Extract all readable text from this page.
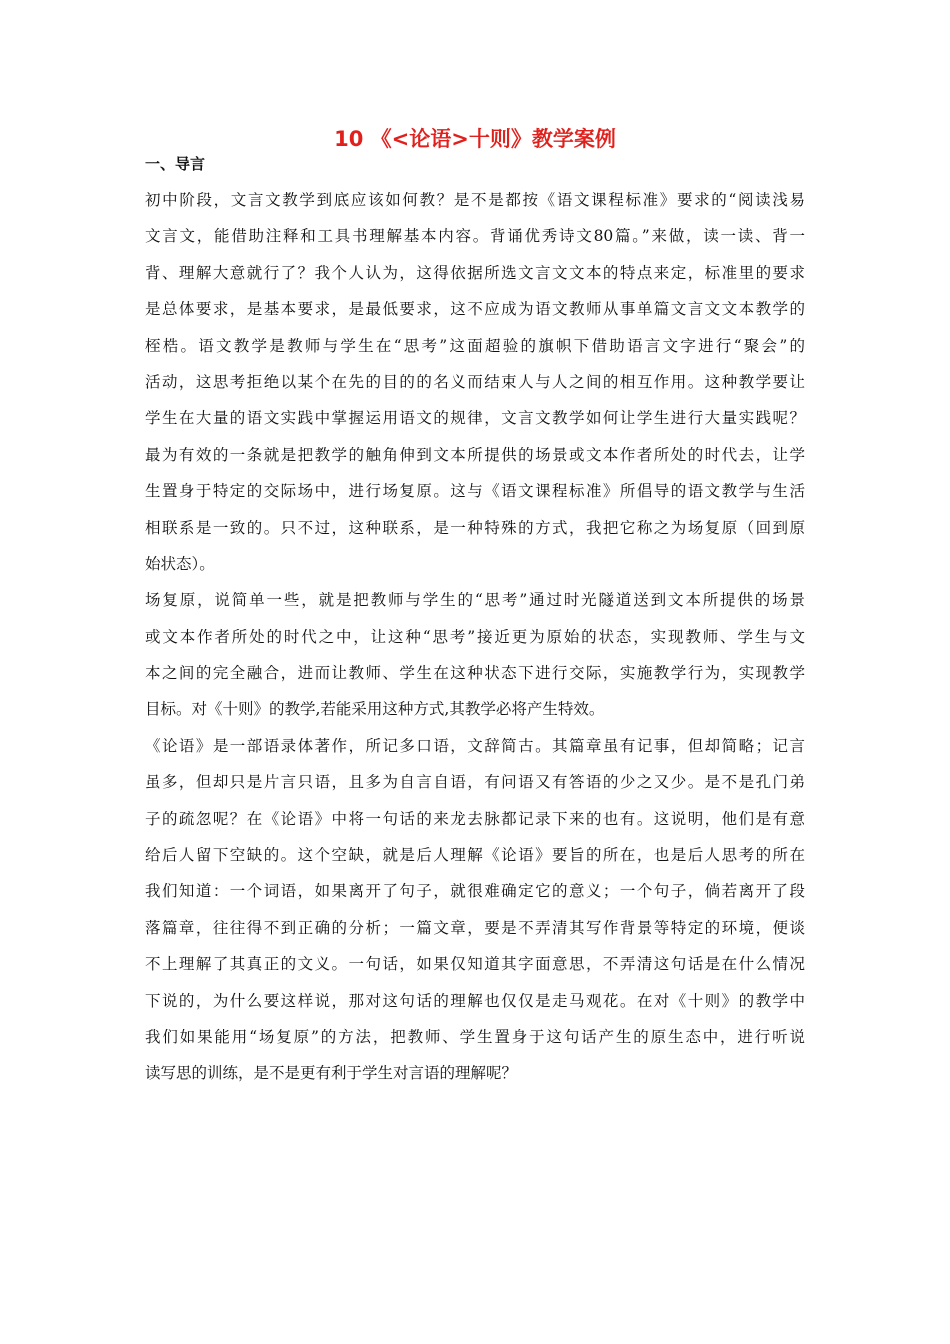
10 《<论语>十则》教学案例
一、导言
初中阶段，文言文教学到底应该如何教？是不是都按《语文课程标准》要求的“阅读浅易
文言文，能借助注释和工具书理解基本内容。背诵优秀诗文80篇。”来做，读一读、背一
背、理解大意就行了？我个人认为，这得依据所选文言文文本的特点来定，标准里的要求
是总体要求，是基本要求，是最低要求，这不应成为语文教师从事单篇文言文文本教学的
桎梏。语文教学是教师与学生在“思考”这面超验的旗帜下借助语言文字进行“聚会”的
活动，这思考拒绝以某个在先的目的的名义而结束人与人之间的相互作用。这种教学要让
学生在大量的语文实践中掌握运用语文的规律，文言文教学如何让学生进行大量实践呢？
最为有效的一条就是把教学的触角伸到文本所提供的场景或文本作者所处的时代去，让学
生置身于特定的交际场中，进行场复原。这与《语文课程标准》所倡导的语文教学与生活
相联系是一致的。只不过，这种联系，是一种特殊的方式，我把它称之为场复原（回到原
始状态）。
场复原，说简单一些，就是把教师与学生的“思考”通过时光隧道送到文本所提供的场景
或文本作者所处的时代之中，让这种“思考”接近更为原始的状态，实现教师、学生与文
本之间的完全融合，进而让教师、学生在这种状态下进行交际，实施教学行为，实现教学
目标。对《十则》的教学,若能采用这种方式,其教学必将产生特效。
《论语》是一部语录体著作，所记多口语，文辞简古。其篇章虽有记事，但却简略；记言
虽多，但却只是片言只语，且多为自言自语，有问语又有答语的少之又少。是不是孔门弟
子的疏忽呢？在《论语》中将一句话的来龙去脉都记录下来的也有。这说明，他们是有意
给后人留下空缺的。这个空缺，就是后人理解《论语》要旨的所在，也是后人思考的所在
我们知道：一个词语，如果离开了句子，就很难确定它的意义；一个句子，倘若离开了段
落篇章，往往得不到正确的分析；一篇文章，要是不弄清其写作背景等特定的环境，便谈
不上理解了其真正的文义。一句话，如果仅知道其字面意思，不弄清这句话是在什么情况
下说的，为什么要这样说，那对这句话的理解也仅仅是走马观花。在对《十则》的教学中
我们如果能用“场复原”的方法，把教师、学生置身于这句话产生的原生态中，进行听说
读写思的训练，是不是更有利于学生对言语的理解呢？
